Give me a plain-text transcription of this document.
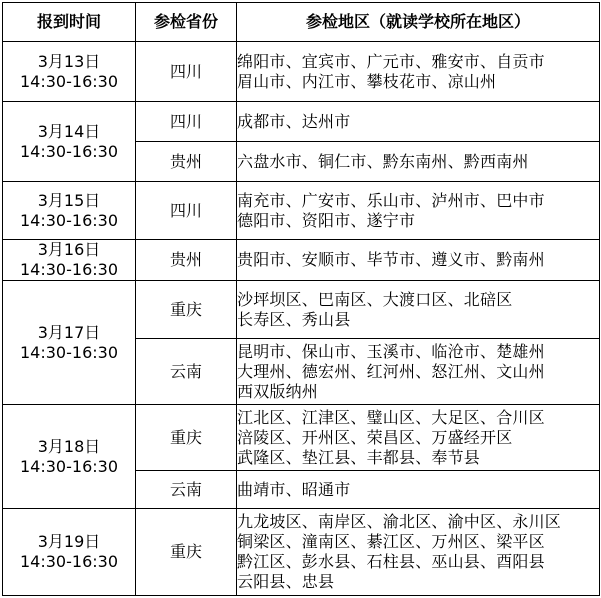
报到时间	参检省份	参检地区（就读学校所在地区）

3月13日
14:30-16:30	四川	绵阳市、宜宾市、广元市、雅安市、自贡市
眉山市、内江市、攀枝花市、凉山州

3月14日
14:30-16:30	四川	成都市、达州市

	贵州	六盘水市、铜仁市、黔东南州、黔西南州

3月15日
14:30-16:30	四川	南充市、广安市、乐山市、泸州市、巴中市
德阳市、资阳市、遂宁市

3月16日
14:30-16:30	贵州	贵阳市、安顺市、毕节市、遵义市、黔南州

3月17日
14:30-16:30	重庆	沙坪坝区、巴南区、大渡口区、北碚区
长寿区、秀山县

	云南	昆明市、保山市、玉溪市、临沧市、楚雄州
大理州、德宏州、红河州、怒江州、文山州
西双版纳州

3月18日
14:30-16:30	重庆	江北区、江津区、璧山区、大足区、合川区
涪陵区、开州区、荣昌区、万盛经开区
武隆区、垫江县、丰都县、奉节县

	云南	曲靖市、昭通市

3月19日
14:30-16:30	重庆	九龙坡区、南岸区、渝北区、渝中区、永川区
铜梁区、潼南区、綦江区、万州区、梁平区
黔江区、彭水县、石柱县、巫山县、酉阳县
云阳县、忠县
